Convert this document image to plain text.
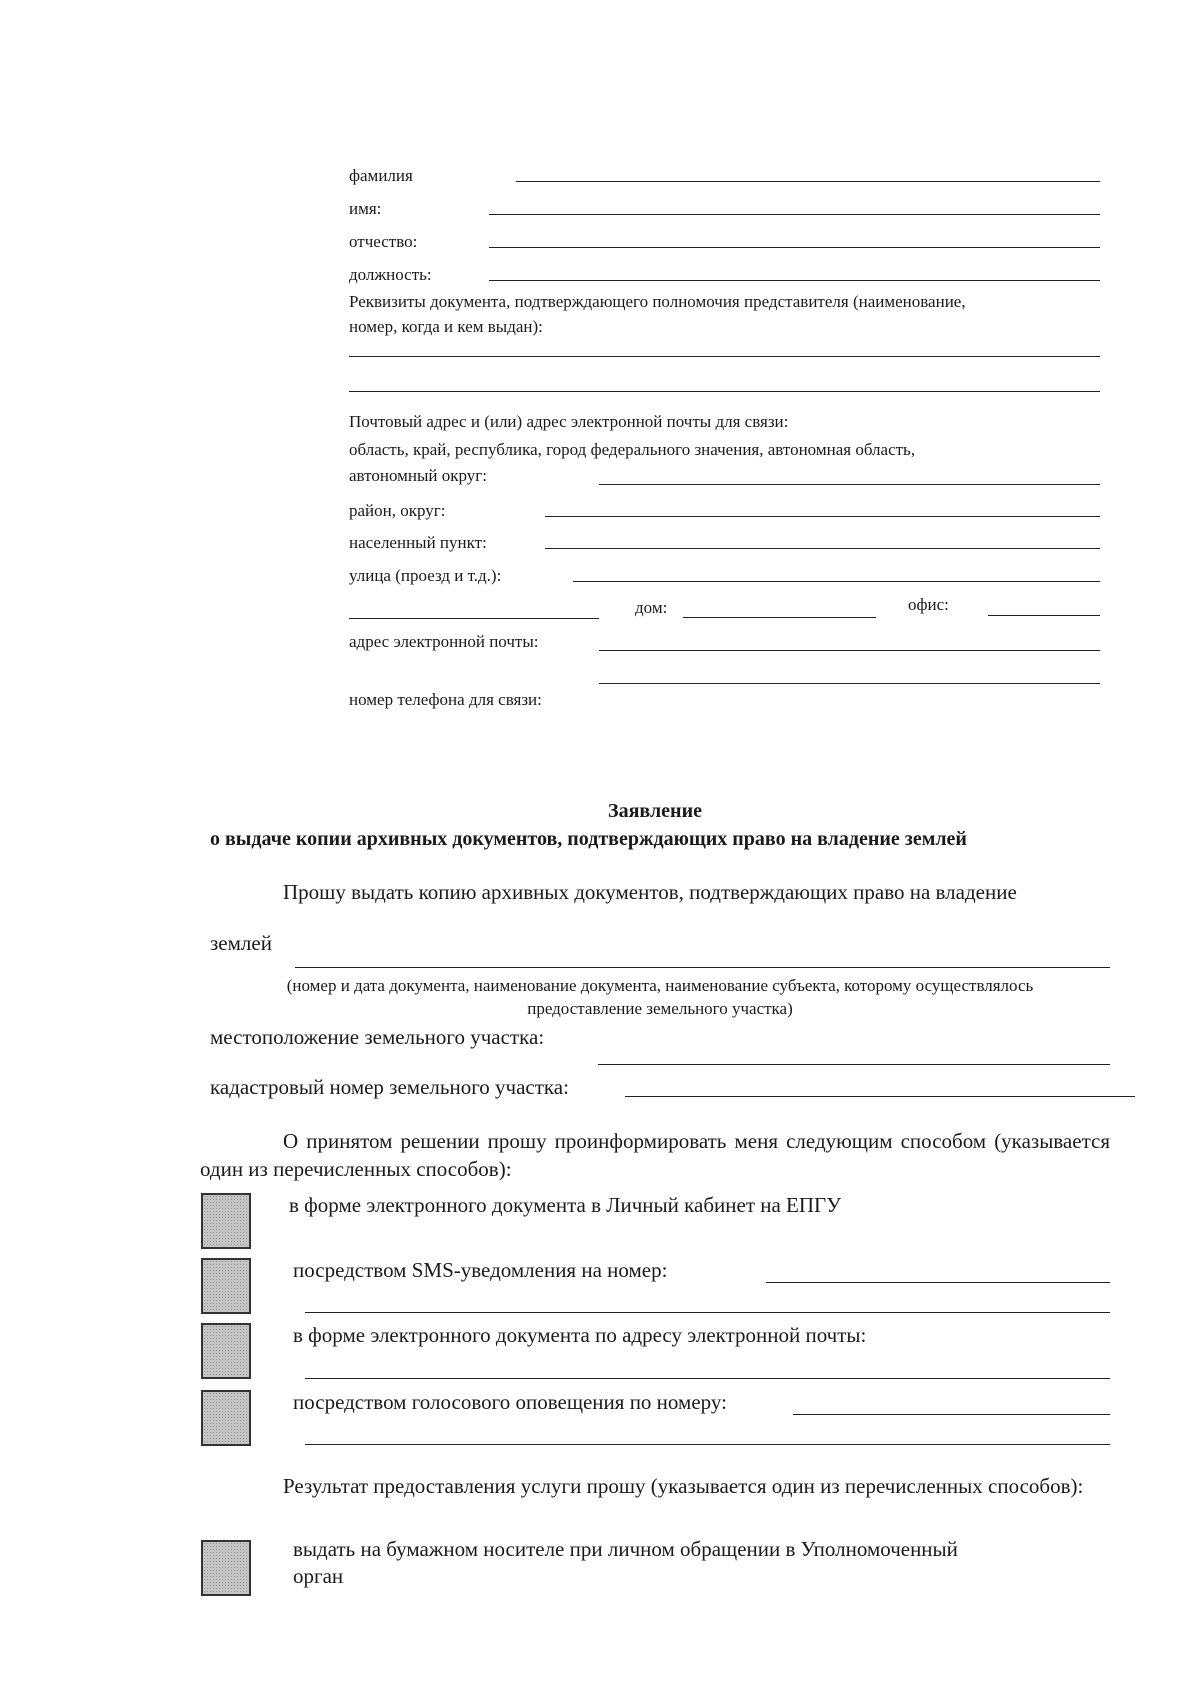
фамилия
имя:
отчество:
должность:
Реквизиты документа, подтверждающего полномочия представителя (наименование,
номер, когда и кем выдан):
Почтовый адрес и (или) адрес электронной почты для связи:
область, край, республика, город федерального значения, автономная область,
автономный округ:
район, округ:
населенный пункт:
улица (проезд и т.д.):
дом:	офис:
адрес электронной почты:
номер телефона для связи:
Заявление
о выдаче копии архивных документов, подтверждающих право на владение землей
Прошу выдать копию архивных документов, подтверждающих право на владение
землей
(номер и дата документа, наименование документа, наименование субъекта, которому осуществлялось
предоставление земельного участка)
местоположение земельного участка:
кадастровый номер земельного участка:
О принятом решении прошу проинформировать меня следующим способом (указывается один из перечисленных способов):
в форме электронного документа в Личный кабинет на ЕПГУ
посредством SMS-уведомления на номер:
в форме электронного документа по адресу электронной почты:
посредством голосового оповещения по номеру:
Результат предоставления услуги прошу (указывается один из перечисленных способов):
выдать на бумажном носителе при личном обращении в Уполномоченный
орган
